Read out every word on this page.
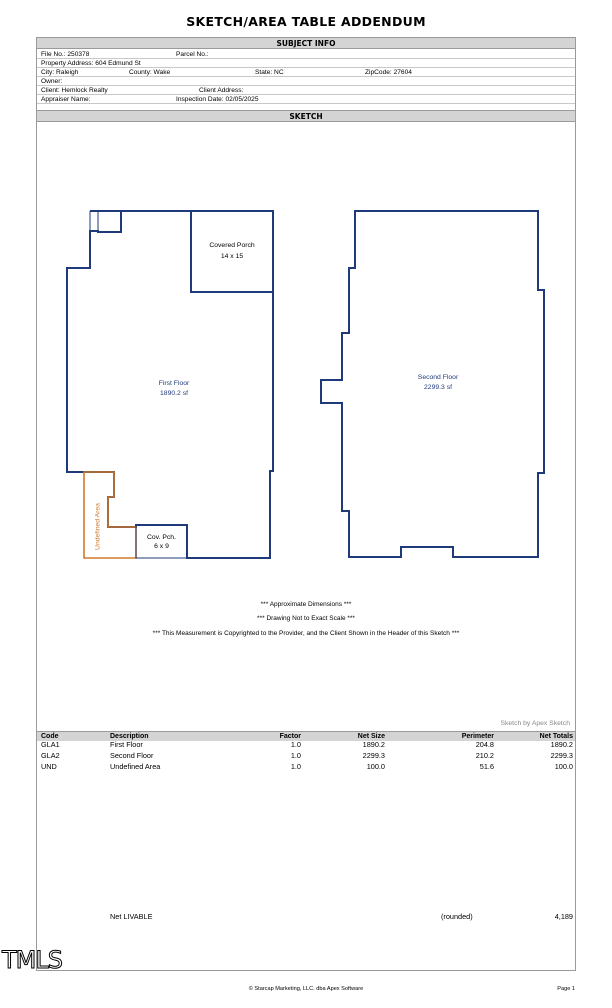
SKETCH/AREA TABLE ADDENDUM
SUBJECT INFO
File No.: 250378	Parcel No.:
Property Address: 604 Edmund St
City: Raleigh	County: Wake	State: NC	ZipCode: 27604
Owner:
Client: Hemlock Realty	Client Address:
Appraiser Name:	Inspection Date: 02/05/2025
SKETCH
Covered Porch
14 x 15
First Floor
1890.2 sf
Second Floor
2299.3 sf
Undefined Area	Cov. Pch.
6 x 9
*** Approximate Dimensions ***
*** Drawing Not to Exact Scale ***
*** This Measurement is Copyrighted to the Provider, and the Client Shown in the Header of this Sketch ***
Sketch by Apex Sketch
Code	Description	Factor	Net Size	Perimeter	Net Totals
GLA1	First Floor	1.0	1890.2	204.8	1890.2
GLA2	Second Floor	1.0	2299.3	210.2	2299.3
UND	Undefined Area	1.0	100.0	51.6	100.0
Net LIVABLE	(rounded)	4,189
TMLS
© Starcap Marketing, LLC. dba Apex Software	Page 1
